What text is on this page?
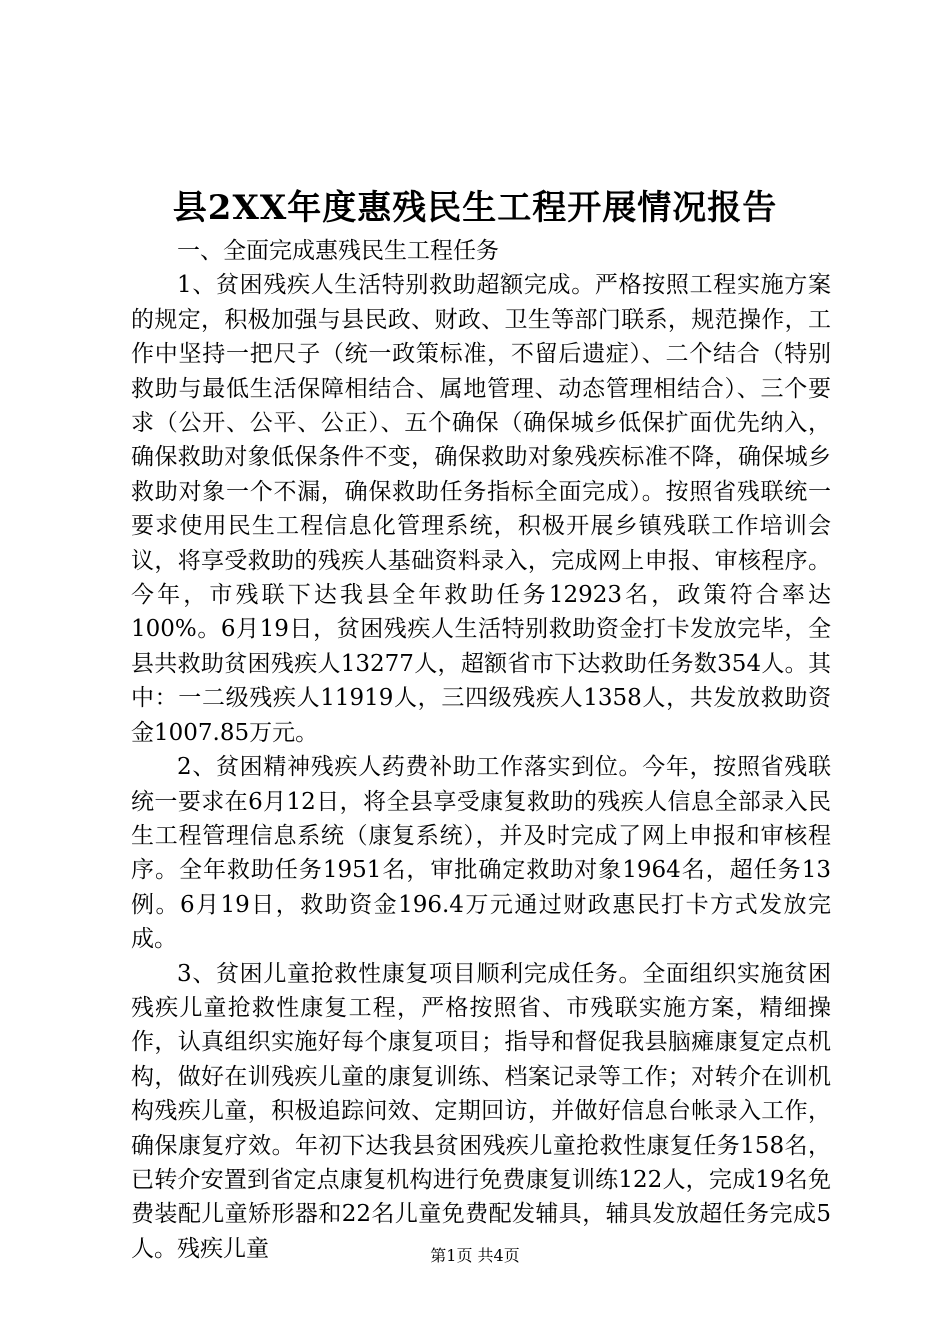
县2XX年度惠残民生工程开展情况报告

一、全面完成惠残民生工程任务

1、贫困残疾人生活特别救助超额完成。严格按照工程实施方案的规定，积极加强与县民政、财政、卫生等部门联系，规范操作，工作中坚持一把尺子（统一政策标准，不留后遗症）、二个结合（特别救助与最低生活保障相结合、属地管理、动态管理相结合）、三个要求（公开、公平、公正）、五个确保（确保城乡低保扩面优先纳入，确保救助对象低保条件不变，确保救助对象残疾标准不降，确保城乡救助对象一个不漏，确保救助任务指标全面完成）。按照省残联统一要求使用民生工程信息化管理系统，积极开展乡镇残联工作培训会议，将享受救助的残疾人基础资料录入，完成网上申报、审核程序。今年，市残联下达我县全年救助任务12923名，政策符合率达100%。6月19日，贫困残疾人生活特别救助资金打卡发放完毕，全县共救助贫困残疾人13277人，超额省市下达救助任务数354人。其中：一二级残疾人11919人，三四级残疾人1358人，共发放救助资金1007.85万元。

2、贫困精神残疾人药费补助工作落实到位。今年，按照省残联统一要求在6月12日，将全县享受康复救助的残疾人信息全部录入民生工程管理信息系统（康复系统），并及时完成了网上申报和审核程序。全年救助任务1951名，审批确定救助对象1964名，超任务13例。6月19日，救助资金196.4万元通过财政惠民打卡方式发放完成。

3、贫困儿童抢救性康复项目顺利完成任务。全面组织实施贫困残疾儿童抢救性康复工程，严格按照省、市残联实施方案，精细操作，认真组织实施好每个康复项目；指导和督促我县脑瘫康复定点机构，做好在训残疾儿童的康复训练、档案记录等工作；对转介在训机构残疾儿童，积极追踪问效、定期回访，并做好信息台帐录入工作，确保康复疗效。年初下达我县贫困残疾儿童抢救性康复任务158名，已转介安置到省定点康复机构进行免费康复训练122人，完成19名免费装配儿童矫形器和22名儿童免费配发辅具，辅具发放超任务完成5人。残疾儿童	第1页 共4页
